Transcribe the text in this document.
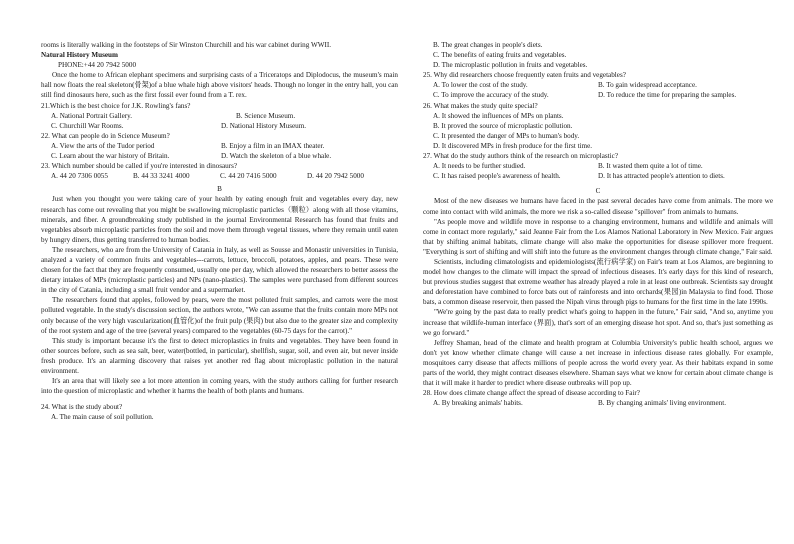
rooms is literally walking in the footsteps of Sir Winston Churchill and his war cabinet during WWII.

Natural History Museum

PHONE:+44 20 7942 5000

Once the home to African elephant specimens and surprising casts of a Triceratops and Diplodocus, the museum's main hall now floats the real skeleton(骨架)of a blue whale high above visitors' heads. Though no longer in the entry hall, you can still find dinosaurs here, such as the first fossil ever found from a T. rex.

21.Which is the best choice for J.K. Rowling's fans?

A. National Portrait Gallery.	B. Science Museum.
C. Churchill War Rooms.	D. National History Museum.

22. What can people do in Science Museum?

A. View the arts of the Tudor period	B. Enjoy a film in an IMAX theater.
C. Learn about the war history of Britain.	D. Watch the skeleton of a blue whale.

23. Which number should be called if you're interested in dinosaurs?

A. 44 20 7306 0055	B. 44 33 3241 4000	C. 44 20 7416 5000	D. 44 20 7942 5000

B

Just when you thought you were taking care of your health by eating enough fruit and vegetables every day, new research has come out revealing that you might be swallowing microplastic particles（颗粒）along with all those vitamins, minerals, and fiber. A groundbreaking study published in the journal Environmental Research has found that fruits and vegetables absorb microplastic particles from the soil and move them through vegetal tissues, where they remain until eaten by hungry diners, thus getting transferred to human bodies.

The researchers, who are from the University of Catania in Italy, as well as Sousse and Monastir universities in Tunisia, analyzed a variety of common fruits and vegetables---carrots, lettuce, broccoli, potatoes, apples, and pears. These were chosen for the fact that they are frequently consumed, usually one per day, which allowed the researchers to better assess the dietary intakes of MPs (microplastic particles) and NPs (nano-plastics). The samples were purchased from different sources in the city of Catania, including a small fruit vendor and a supermarket.

The researchers found that apples, followed by pears, were the most polluted fruit samples, and carrots were the most polluted vegetable. In the study's discussion section, the authors wrote, "We can assume that the fruits contain more MPs not only because of the very high vascularization(血管化)of the fruit pulp (果肉) but also due to the greater size and complexity of the root system and age of the tree (several years) compared to the vegetables (60-75 days for the carrot)."

This study is important because it's the first to detect microplastics in fruits and vegetables. They have been found in other sources before, such as sea salt, beer, water(bottled, in particular), shellfish, sugar, soil, and even air, but never inside fresh produce. It's an alarming discovery that raises yet another red flag about microplastic pollution in the natural environment.

It's an area that will likely see a lot more attention in coming years, with the study authors calling for further research into the question of microplastic and whether it harms the health of both plants and humans.

24. What is the study about?

A. The main cause of soil pollution.

B. The great changes in people's diets.

C. The benefits of eating fruits and vegetables.

D. The microplastic pollution in fruits and vegetables.

25. Why did researchers choose frequently eaten fruits and vegetables?

A. To lower the cost of the study.	B. To gain widespread acceptance.
C. To improve the accuracy of the study.	D. To reduce the time for preparing the samples.

26. What makes the study quite special?

A. It showed the influences of MPs on plants.

B. It proved the source of microplastic pollution.

C. It presented the danger of MPs to human's body.

D. It discovered MPs in fresh produce for the first time.

27. What do the study authors think of the research on microplastic?

A. It needs to be further studied.	B. It wasted them quite a lot of time.
C. It has raised people's awareness of health.	D. It has attracted people's attention to diets.

C

Most of the new diseases we humans have faced in the past several decades have come from animals. The more we come into contact with wild animals, the more we risk a so-called disease "spillover" from animals to humans.

"As people move and wildlife move in response to a changing environment, humans and wildlife and animals will come in contact more regularly," said Jeanne Fair from the Los Alamos National Laboratory in New Mexico. Fair argues that by shifting animal habitats, climate change will also make the opportunities for disease spillover more frequent. "Everything is sort of shifting and will shift into the future as the environment changes through climate change," Fair said.

Scientists, including climatologists and epidemiologists(流行病学家) on Fair's team at Los Alamos, are beginning to model how changes to the climate will impact the spread of infectious diseases. It's early days for this kind of research, but previous studies suggest that extreme weather has already played a role in at least one outbreak. Scientists say drought and deforestation have combined to force bats out of rainforests and into orchards(果园)in Malaysia to find food. Those bats, a common disease reservoir, then passed the Nipah virus through pigs to humans for the first time in the late 1990s.

"We're going by the past data to really predict what's going to happen in the future," Fair said, "And so, anytime you increase that wildlife-human interface (界面), that's sort of an emerging disease hot spot. And so, that's just something as we go forward."

Jeffrey Shaman, head of the climate and health program at Columbia University's public health school, argues we don't yet know whether climate change will cause a net increase in infectious disease rates globally. For example, mosquitoes carry disease that affects millions of people across the world every year. As their habitats expand in some parts of the world, they might contract diseases elsewhere. Shaman says what we know for certain about climate change is that it will make it harder to predict where disease outbreaks will pop up.

28. How does climate change affect the spread of disease according to Fair?

A. By breaking animals' habits.	B. By changing animals' living environment.
